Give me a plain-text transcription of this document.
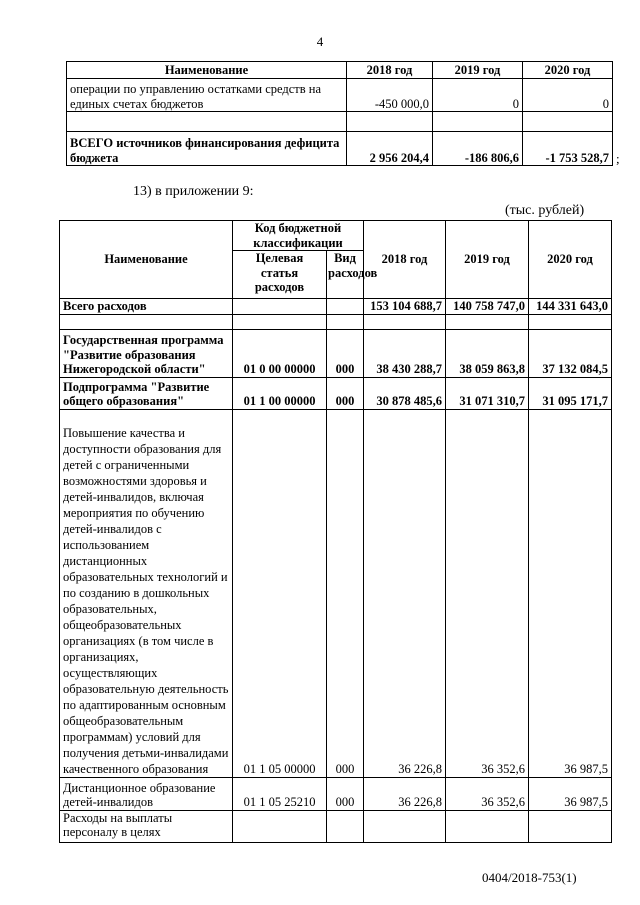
4
Наименование	2018 год	2019 год	2020 год
операции по управлению остатками средств на единых счетах бюджетов	-450 000,0	0	0

ВСЕГО источников финансирования дефицита бюджета	2 956 204,4	-186 806,6	-1 753 528,7 ;
13) в приложении 9:
(тыс. рублей)
Наименование	Код бюджетной классификации		2018 год	2019 год	2020 год
	Целевая статья расходов	Вид расходов			
Всего расходов			153 104 688,7	140 758 747,0	144 331 643,0

Государственная программа "Развитие образования Нижегородской области"	01 0 00 00000	000	38 430 288,7	38 059 863,8	37 132 084,5
Подпрограмма "Развитие общего образования"	01 1 00 00000	000	30 878 485,6	31 071 310,7	31 095 171,7
Повышение качества и доступности образования для детей с ограниченными возможностями здоровья и детей-инвалидов, включая мероприятия по обучению детей-инвалидов с использованием дистанционных образовательных технологий и по созданию в дошкольных образовательных, общеобразовательных организациях (в том числе в организациях, осуществляющих образовательную деятельность по адаптированным основным общеобразовательным программам) условий для получения детьми-инвалидами качественного образования	01 1 05 00000	000	36 226,8	36 352,6	36 987,5
Дистанционное образование детей-инвалидов	01 1 05 25210	000	36 226,8	36 352,6	36 987,5
Расходы на выплаты персоналу в целях					
0404/2018-753(1)
